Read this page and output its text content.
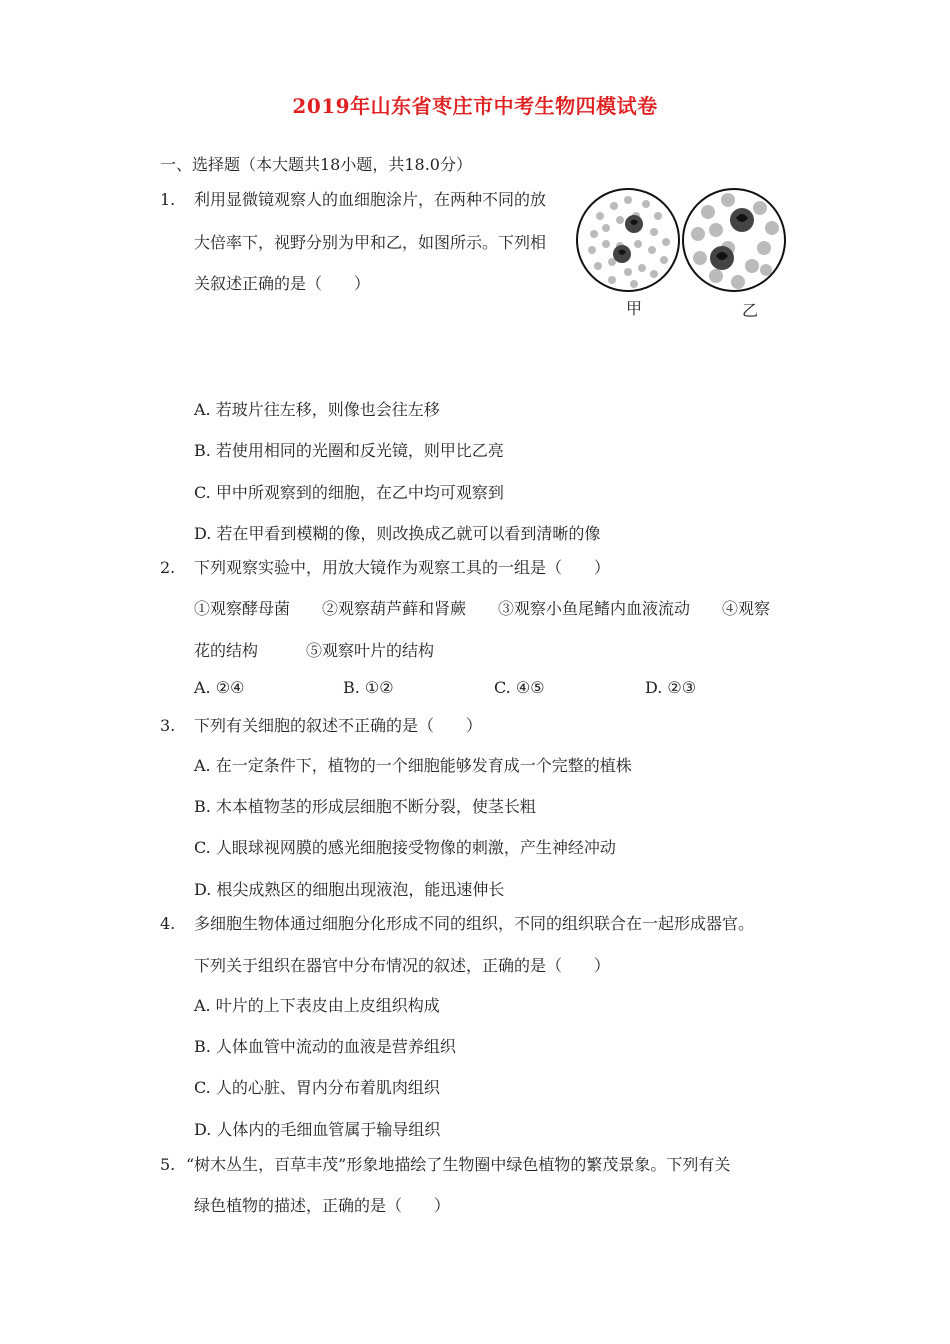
2019年山东省枣庄市中考生物四模试卷
一、选择题（本大题共18小题，共18.0分）
1. 利用显微镜观察人的血细胞涂片，在两种不同的放
大倍率下，视野分别为甲和乙，如图所示。下列相
关叙述正确的是（　　）
甲	乙
A. 若玻片往左移，则像也会往左移
B. 若使用相同的光圈和反光镜，则甲比乙亮
C. 甲中所观察到的细胞，在乙中均可观察到
D. 若在甲看到模糊的像，则改换成乙就可以看到清晰的像
2. 下列观察实验中，用放大镜作为观察工具的一组是（　　）
①观察酵母菌　　②观察葫芦藓和肾蕨　　③观察小鱼尾鳍内血液流动　　④观察
花的结构　　　⑤观察叶片的结构
A. ②④	B. ①②	C. ④⑤	D. ②③
3. 下列有关细胞的叙述不正确的是（　　）
A. 在一定条件下，植物的一个细胞能够发育成一个完整的植株
B. 木本植物茎的形成层细胞不断分裂，使茎长粗
C. 人眼球视网膜的感光细胞接受物像的刺激，产生神经冲动
D. 根尖成熟区的细胞出现液泡，能迅速伸长
4. 多细胞生物体通过细胞分化形成不同的组织，不同的组织联合在一起形成器官。
下列关于组织在器官中分布情况的叙述，正确的是（　　）
A. 叶片的上下表皮由上皮组织构成
B. 人体血管中流动的血液是营养组织
C. 人的心脏、胃内分布着肌肉组织
D. 人体内的毛细血管属于输导组织
5. “树木丛生，百草丰茂”形象地描绘了生物圈中绿色植物的繁茂景象。下列有关
绿色植物的描述，正确的是（　　）
